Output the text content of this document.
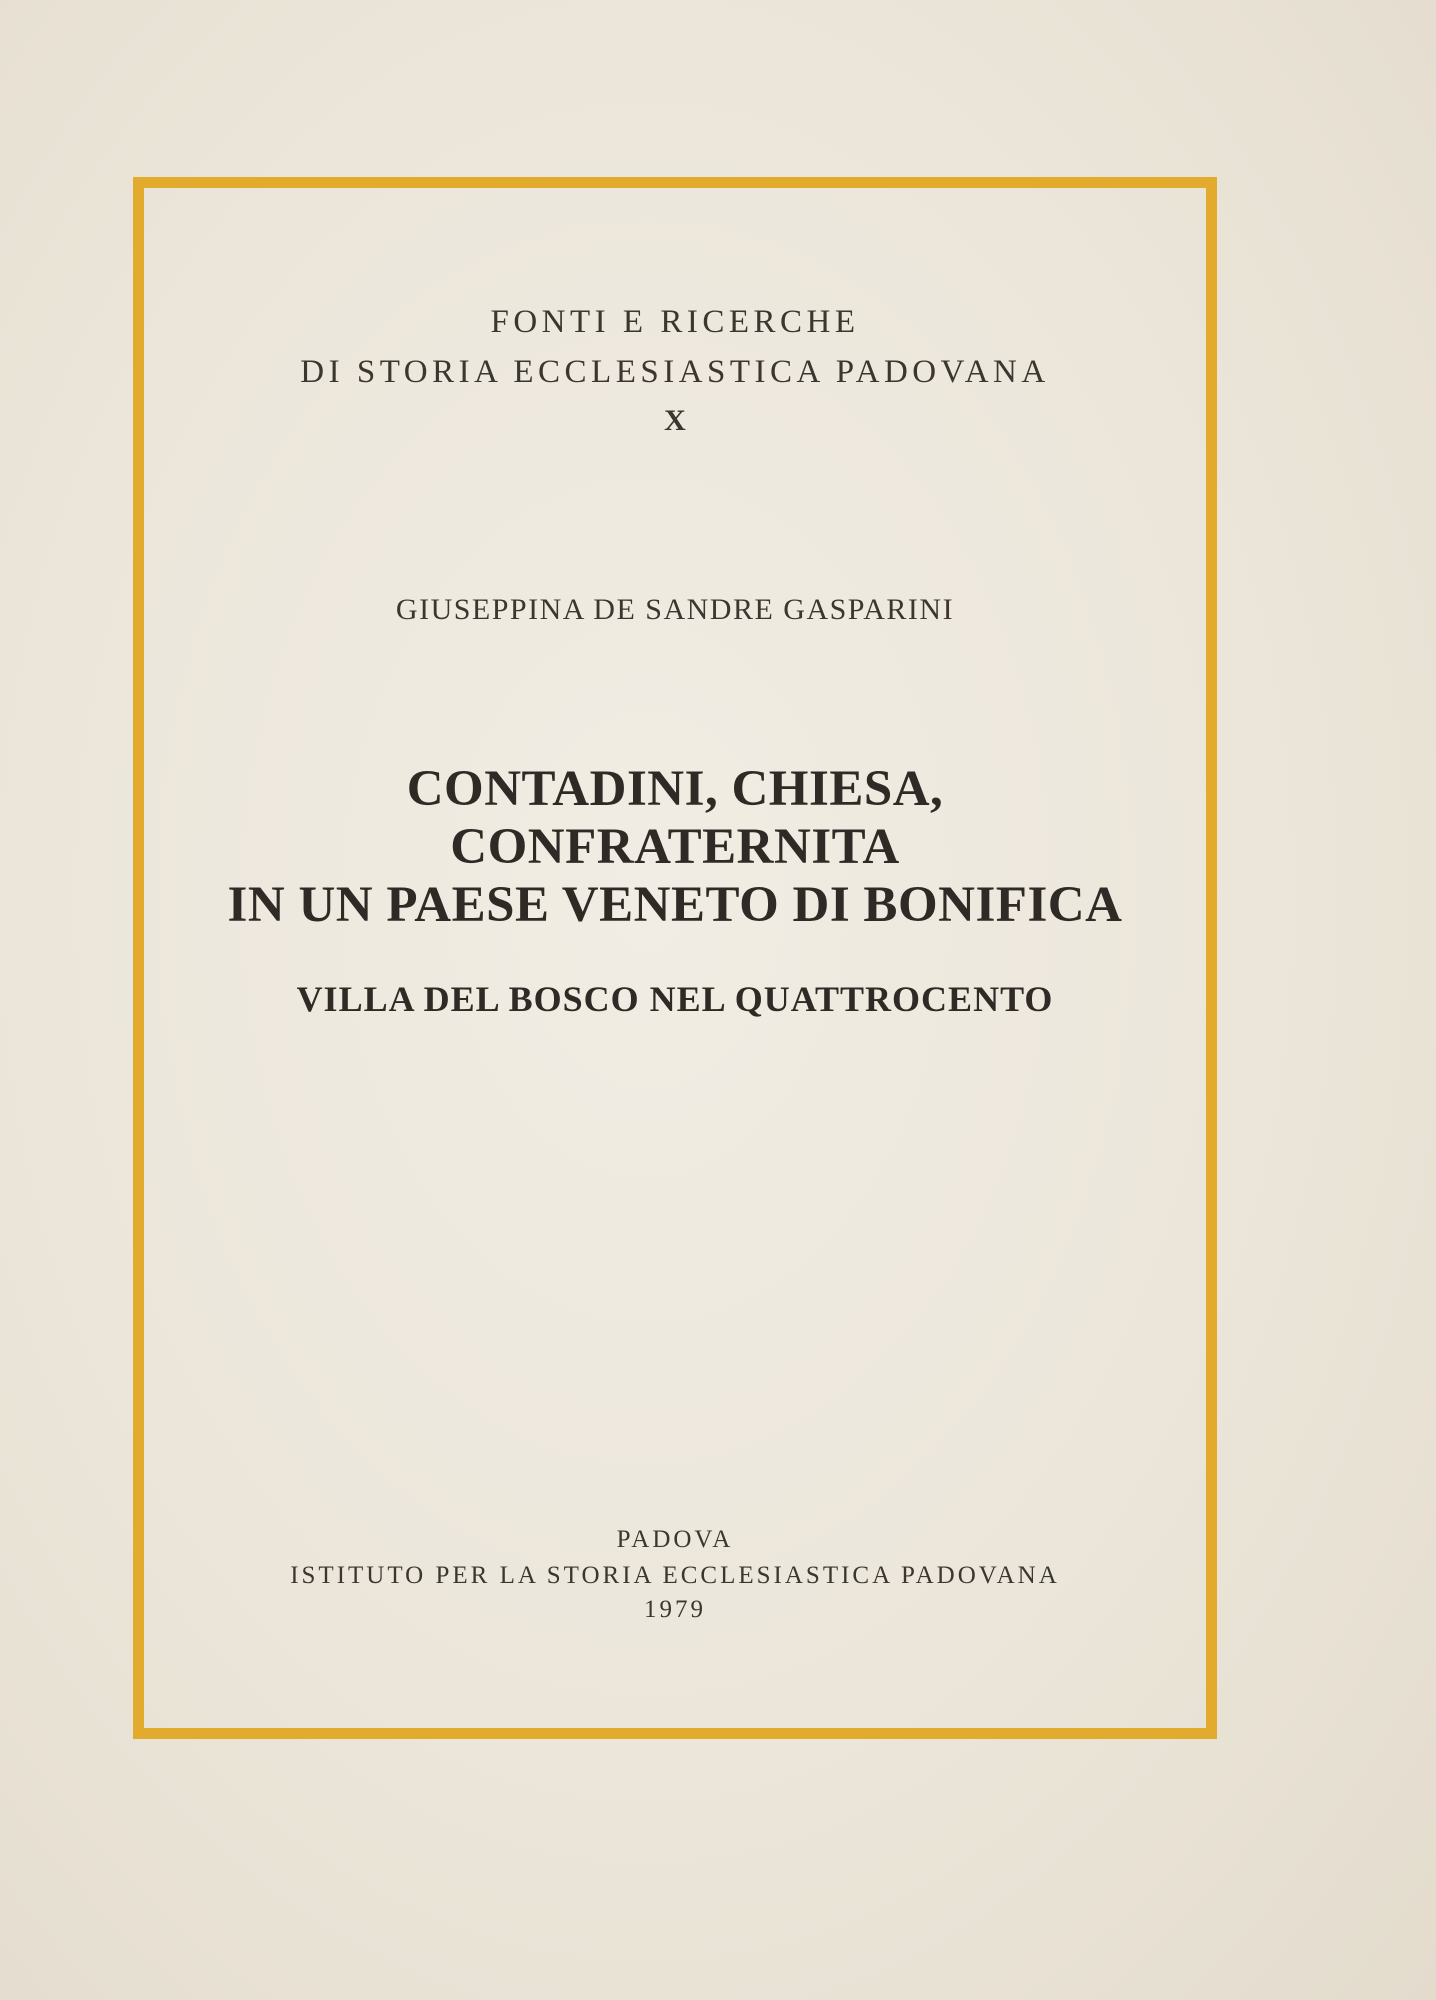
FONTI E RICERCHE
DI STORIA ECCLESIASTICA PADOVANA
X
GIUSEPPINA DE SANDRE GASPARINI
CONTADINI, CHIESA,
CONFRATERNITA
IN UN PAESE VENETO DI BONIFICA
VILLA DEL BOSCO NEL QUATTROCENTO
PADOVA
ISTITUTO PER LA STORIA ECCLESIASTICA PADOVANA
1979
